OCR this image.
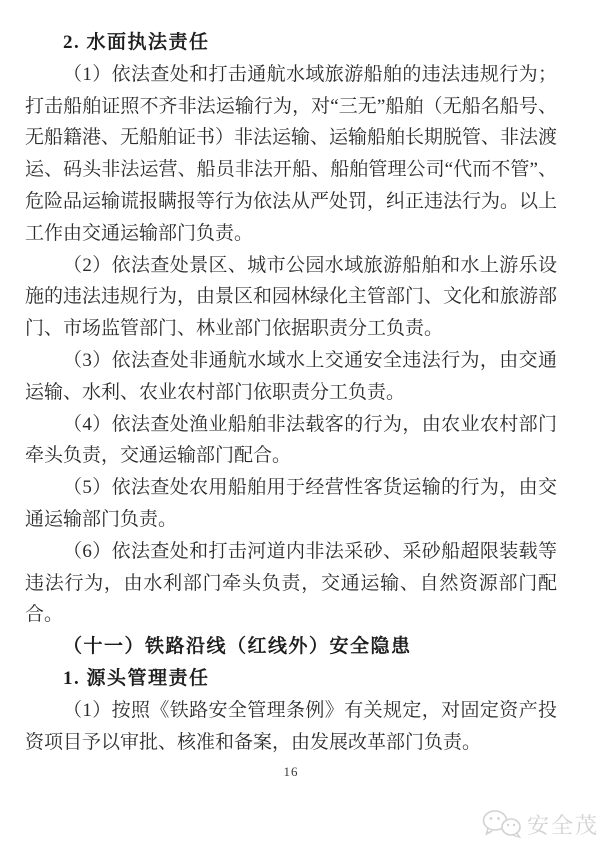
2. 水面执法责任

（1）依法查处和打击通航水域旅游船舶的违法违规行为；打击船舶证照不齐非法运输行为，对“三无”船舶（无船名船号、无船籍港、无船舶证书）非法运输、运输船舶长期脱管、非法渡运、码头非法运营、船员非法开船、船舶管理公司“代而不管”、危险品运输谎报瞒报等行为依法从严处罚，纠正违法行为。以上工作由交通运输部门负责。

（2）依法查处景区、城市公园水域旅游船舶和水上游乐设施的违法违规行为，由景区和园林绿化主管部门、文化和旅游部门、市场监管部门、林业部门依据职责分工负责。

（3）依法查处非通航水域水上交通安全违法行为，由交通运输、水利、农业农村部门依职责分工负责。

（4）依法查处渔业船舶非法载客的行为，由农业农村部门牵头负责，交通运输部门配合。

（5）依法查处农用船舶用于经营性客货运输的行为，由交通运输部门负责。

（6）依法查处和打击河道内非法采砂、采砂船超限装载等违法行为，由水利部门牵头负责，交通运输、自然资源部门配合。

（十一）铁路沿线（红线外）安全隐患
1. 源头管理责任

（1）按照《铁路安全管理条例》有关规定，对固定资产投资项目予以审批、核准和备案，由发展改革部门负责。

16
安全茂
